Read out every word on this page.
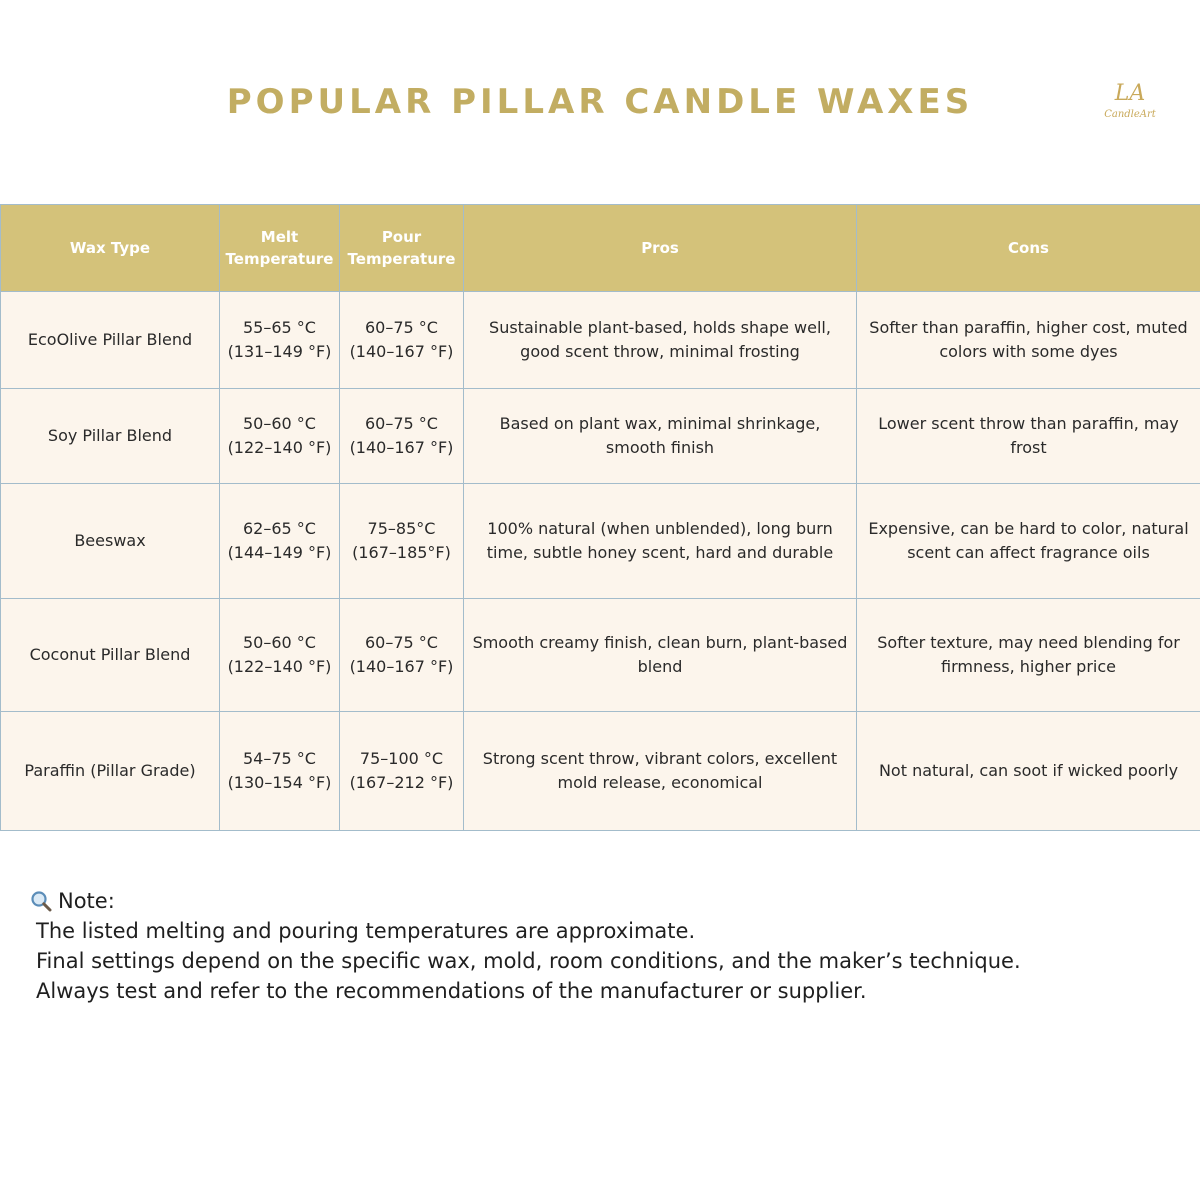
POPULAR PILLAR CANDLE WAXES	LA
CandleArt
Wax Type	Melt Temperature	Pour Temperature	Pros	Cons
EcoOlive Pillar Blend	55–65 °C (131–149 °F)	60–75 °C (140–167 °F)	Sustainable plant-based, holds shape well, good scent throw, minimal frosting	Softer than paraffin, higher cost, muted colors with some dyes
Soy Pillar Blend	50–60 °C (122–140 °F)	60–75 °C (140–167 °F)	Based on plant wax, minimal shrinkage, smooth finish	Lower scent throw than paraffin, may frost
Beeswax	62–65 °C (144–149 °F)	75–85°C (167–185°F)	100% natural (when unblended), long burn time, subtle honey scent, hard and durable	Expensive, can be hard to color, natural scent can affect fragrance oils
Coconut Pillar Blend	50–60 °C (122–140 °F)	60–75 °C (140–167 °F)	Smooth creamy finish, clean burn, plant-based blend	Softer texture, may need blending for firmness, higher price
Paraffin (Pillar Grade)	54–75 °C (130–154 °F)	75–100 °C (167–212 °F)	Strong scent throw, vibrant colors, excellent mold release, economical	Not natural, can soot if wicked poorly
Note:
The listed melting and pouring temperatures are approximate.
Final settings depend on the specific wax, mold, room conditions, and the maker’s technique.
Always test and refer to the recommendations of the manufacturer or supplier.
